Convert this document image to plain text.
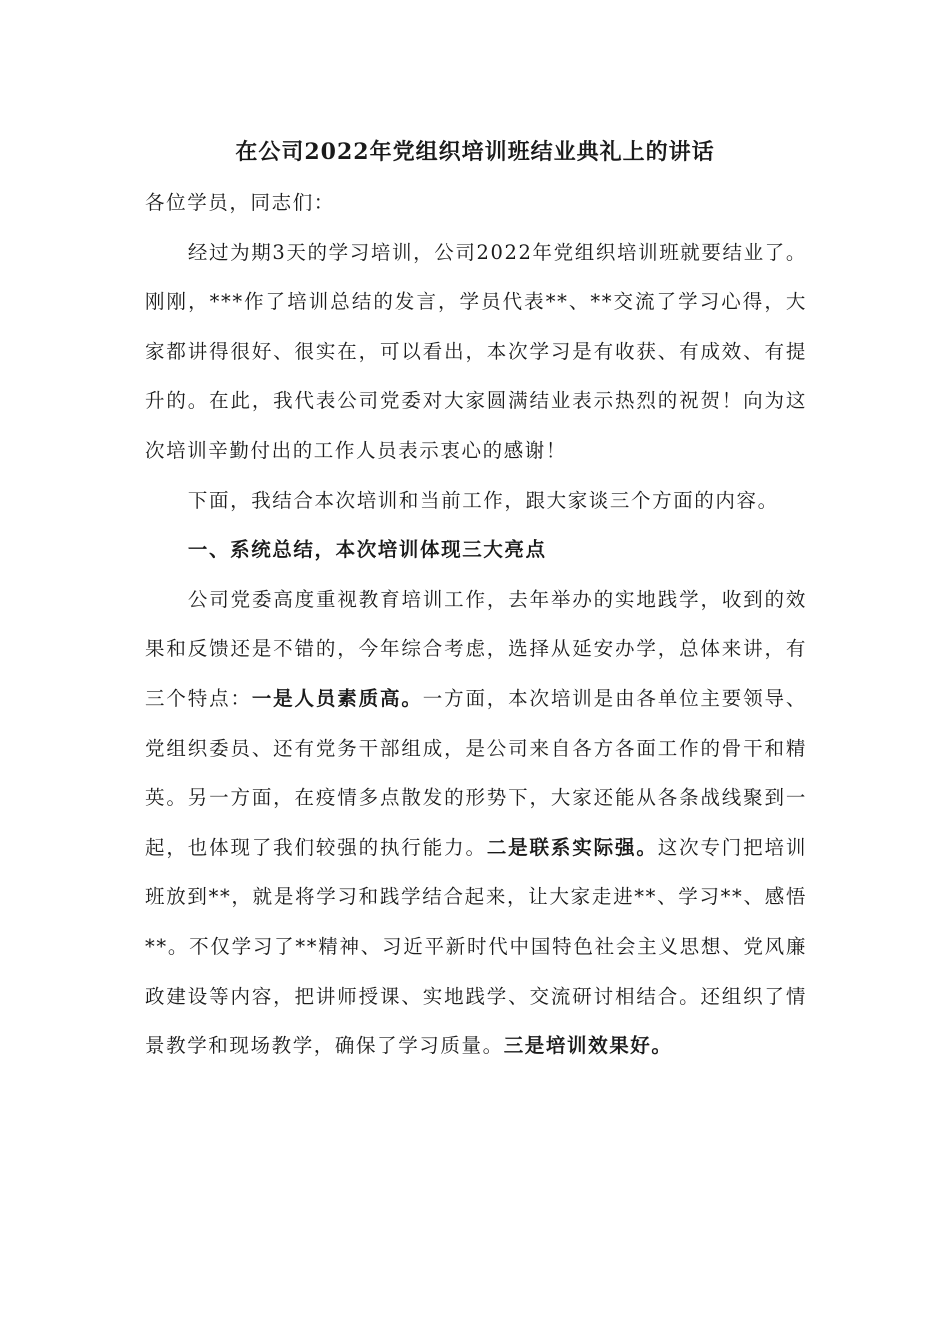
在公司2022年党组织培训班结业典礼上的讲话

各位学员，同志们：

经过为期3天的学习培训，公司2022年党组织培训班就要结业了。刚刚，***作了培训总结的发言，学员代表**、**交流了学习心得，大家都讲得很好、很实在，可以看出，本次学习是有收获、有成效、有提升的。在此，我代表公司党委对大家圆满结业表示热烈的祝贺！向为这次培训辛勤付出的工作人员表示衷心的感谢！

下面，我结合本次培训和当前工作，跟大家谈三个方面的内容。

一、系统总结，本次培训体现三大亮点

公司党委高度重视教育培训工作，去年举办的实地践学，收到的效果和反馈还是不错的，今年综合考虑，选择从延安办学，总体来讲，有三个特点：一是人员素质高。一方面，本次培训是由各单位主要领导、党组织委员、还有党务干部组成，是公司来自各方各面工作的骨干和精英。另一方面，在疫情多点散发的形势下，大家还能从各条战线聚到一起，也体现了我们较强的执行能力。二是联系实际强。这次专门把培训班放到**，就是将学习和践学结合起来，让大家走进**、学习**、感悟**。不仅学习了**精神、习近平新时代中国特色社会主义思想、党风廉政建设等内容，把讲师授课、实地践学、交流研讨相结合。还组织了情景教学和现场教学，确保了学习质量。三是培训效果好。
